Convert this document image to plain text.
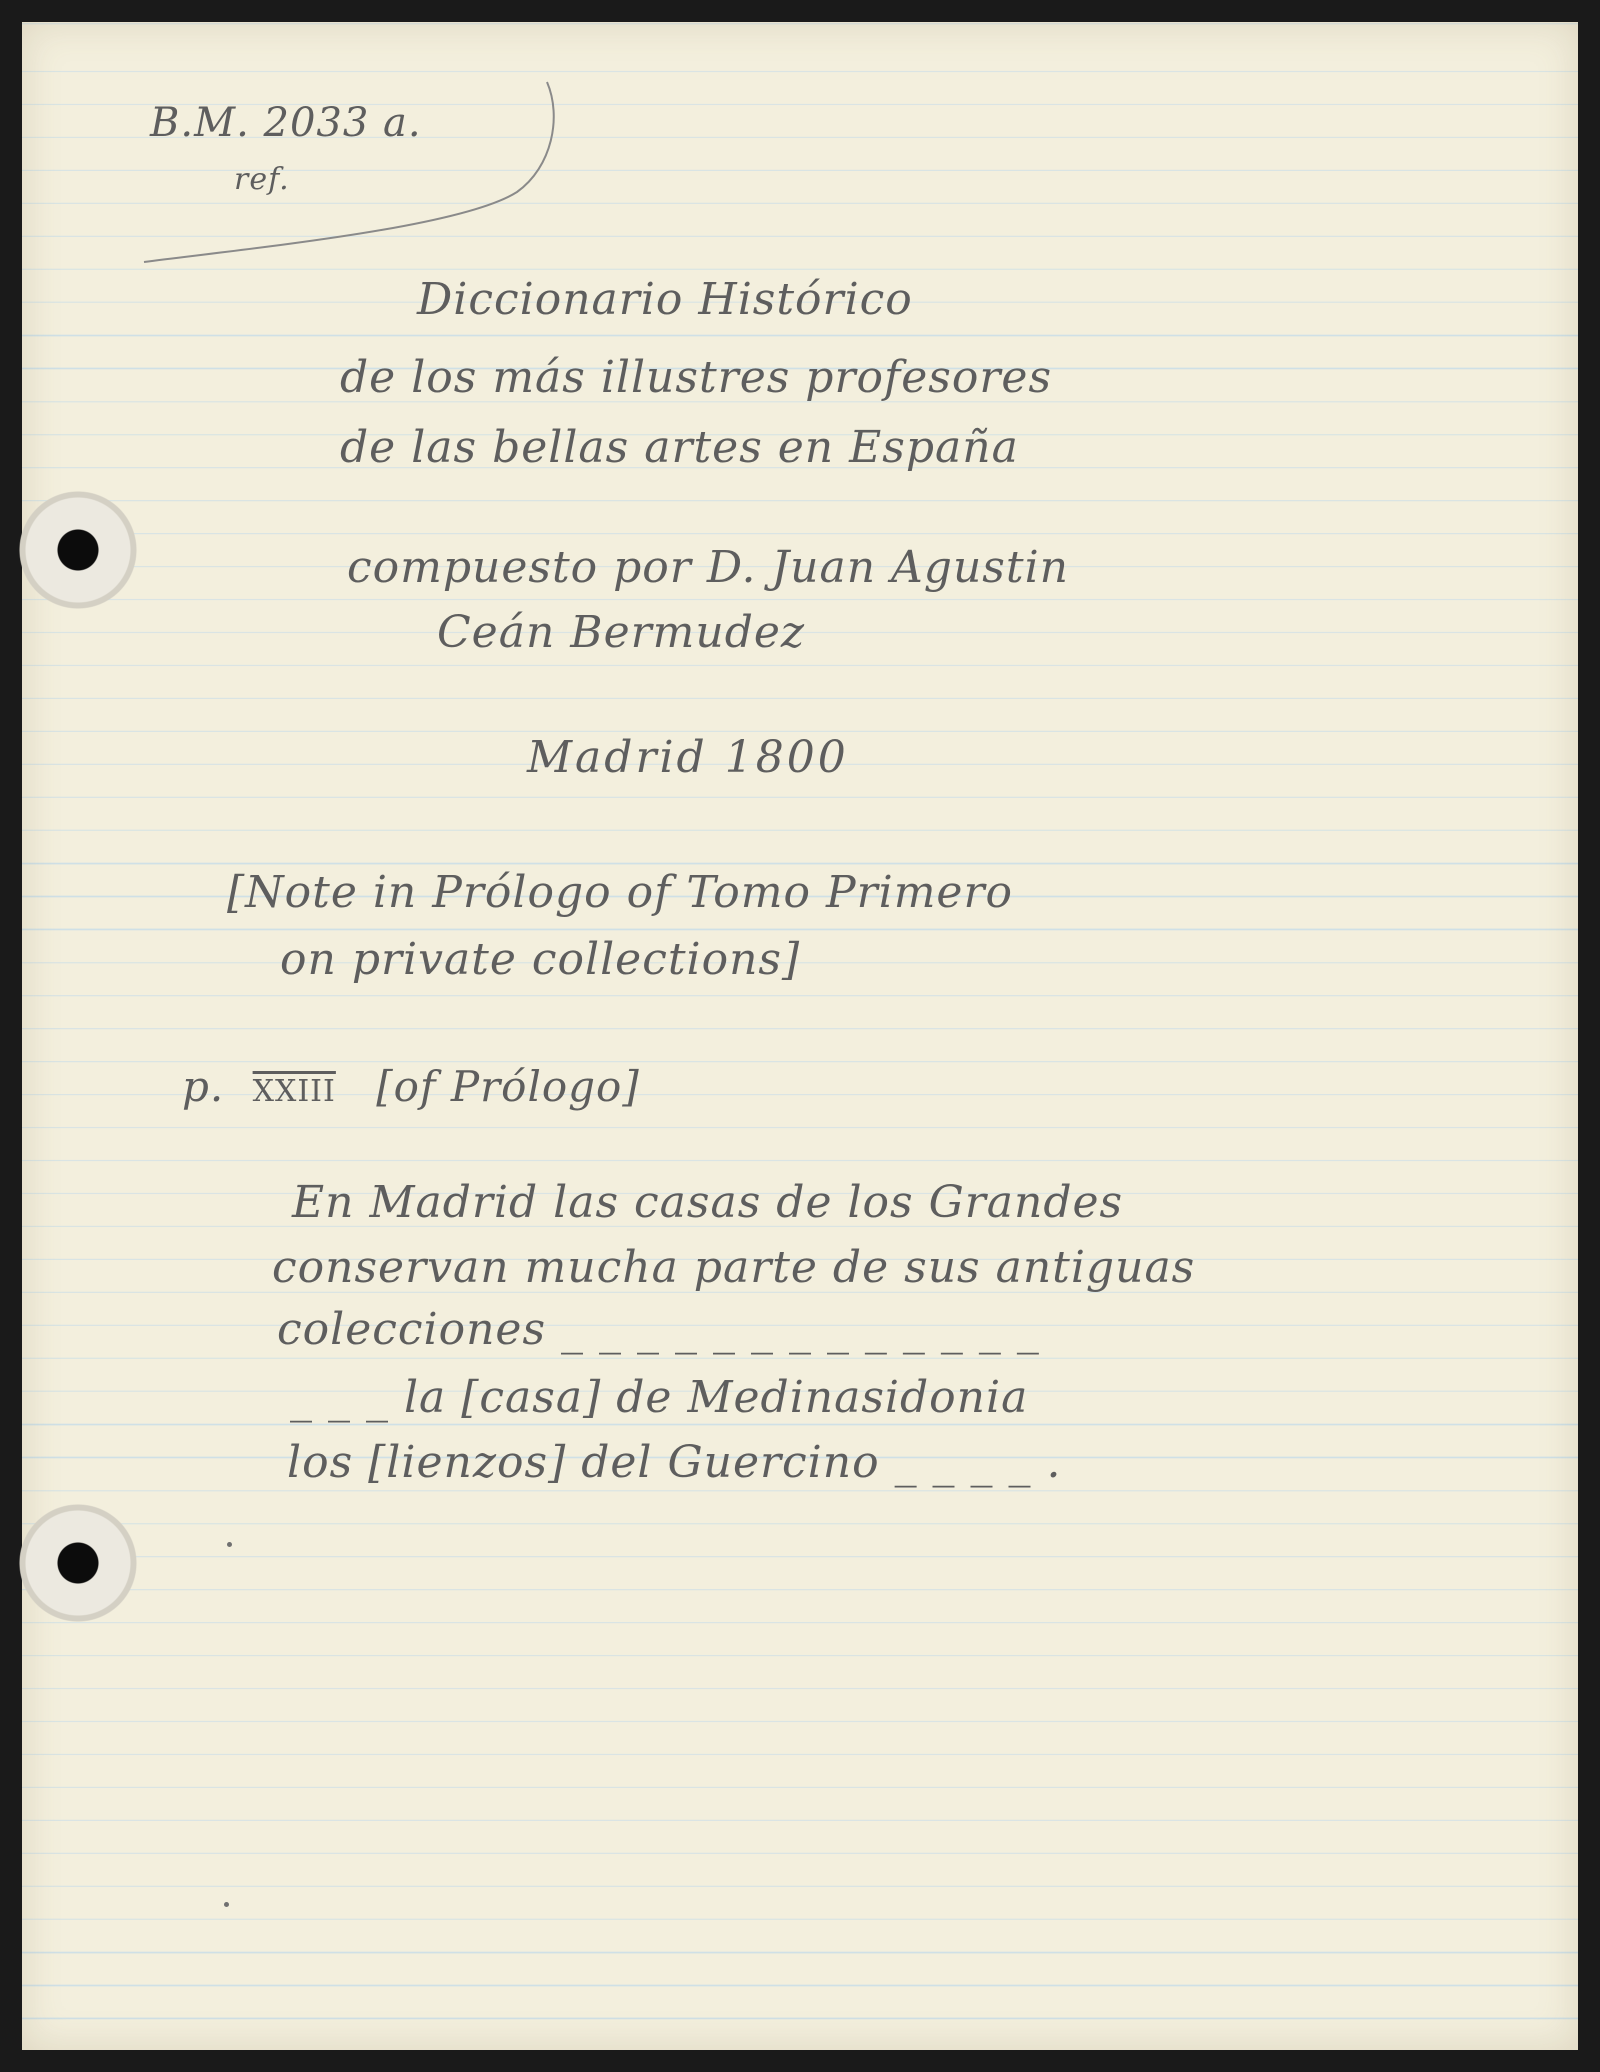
B.M. 2033 a.
ref.
Diccionario Histórico
de los más illustres profesores
de las bellas artes en España
compuesto por D. Juan Agustin
Ceán Bermudez
Madrid 1800
[Note in Prólogo of Tomo Primero
on private collections]
p. XXIII [of Prólogo]
En Madrid las casas de los Grandes
conservan mucha parte de sus antiguas
colecciones _ _ _ _ _ _ _ _ _ _ _ _ _
_ _ _ la [casa] de Medinasidonia
los [lienzos] del Guercino _ _ _ _ .
